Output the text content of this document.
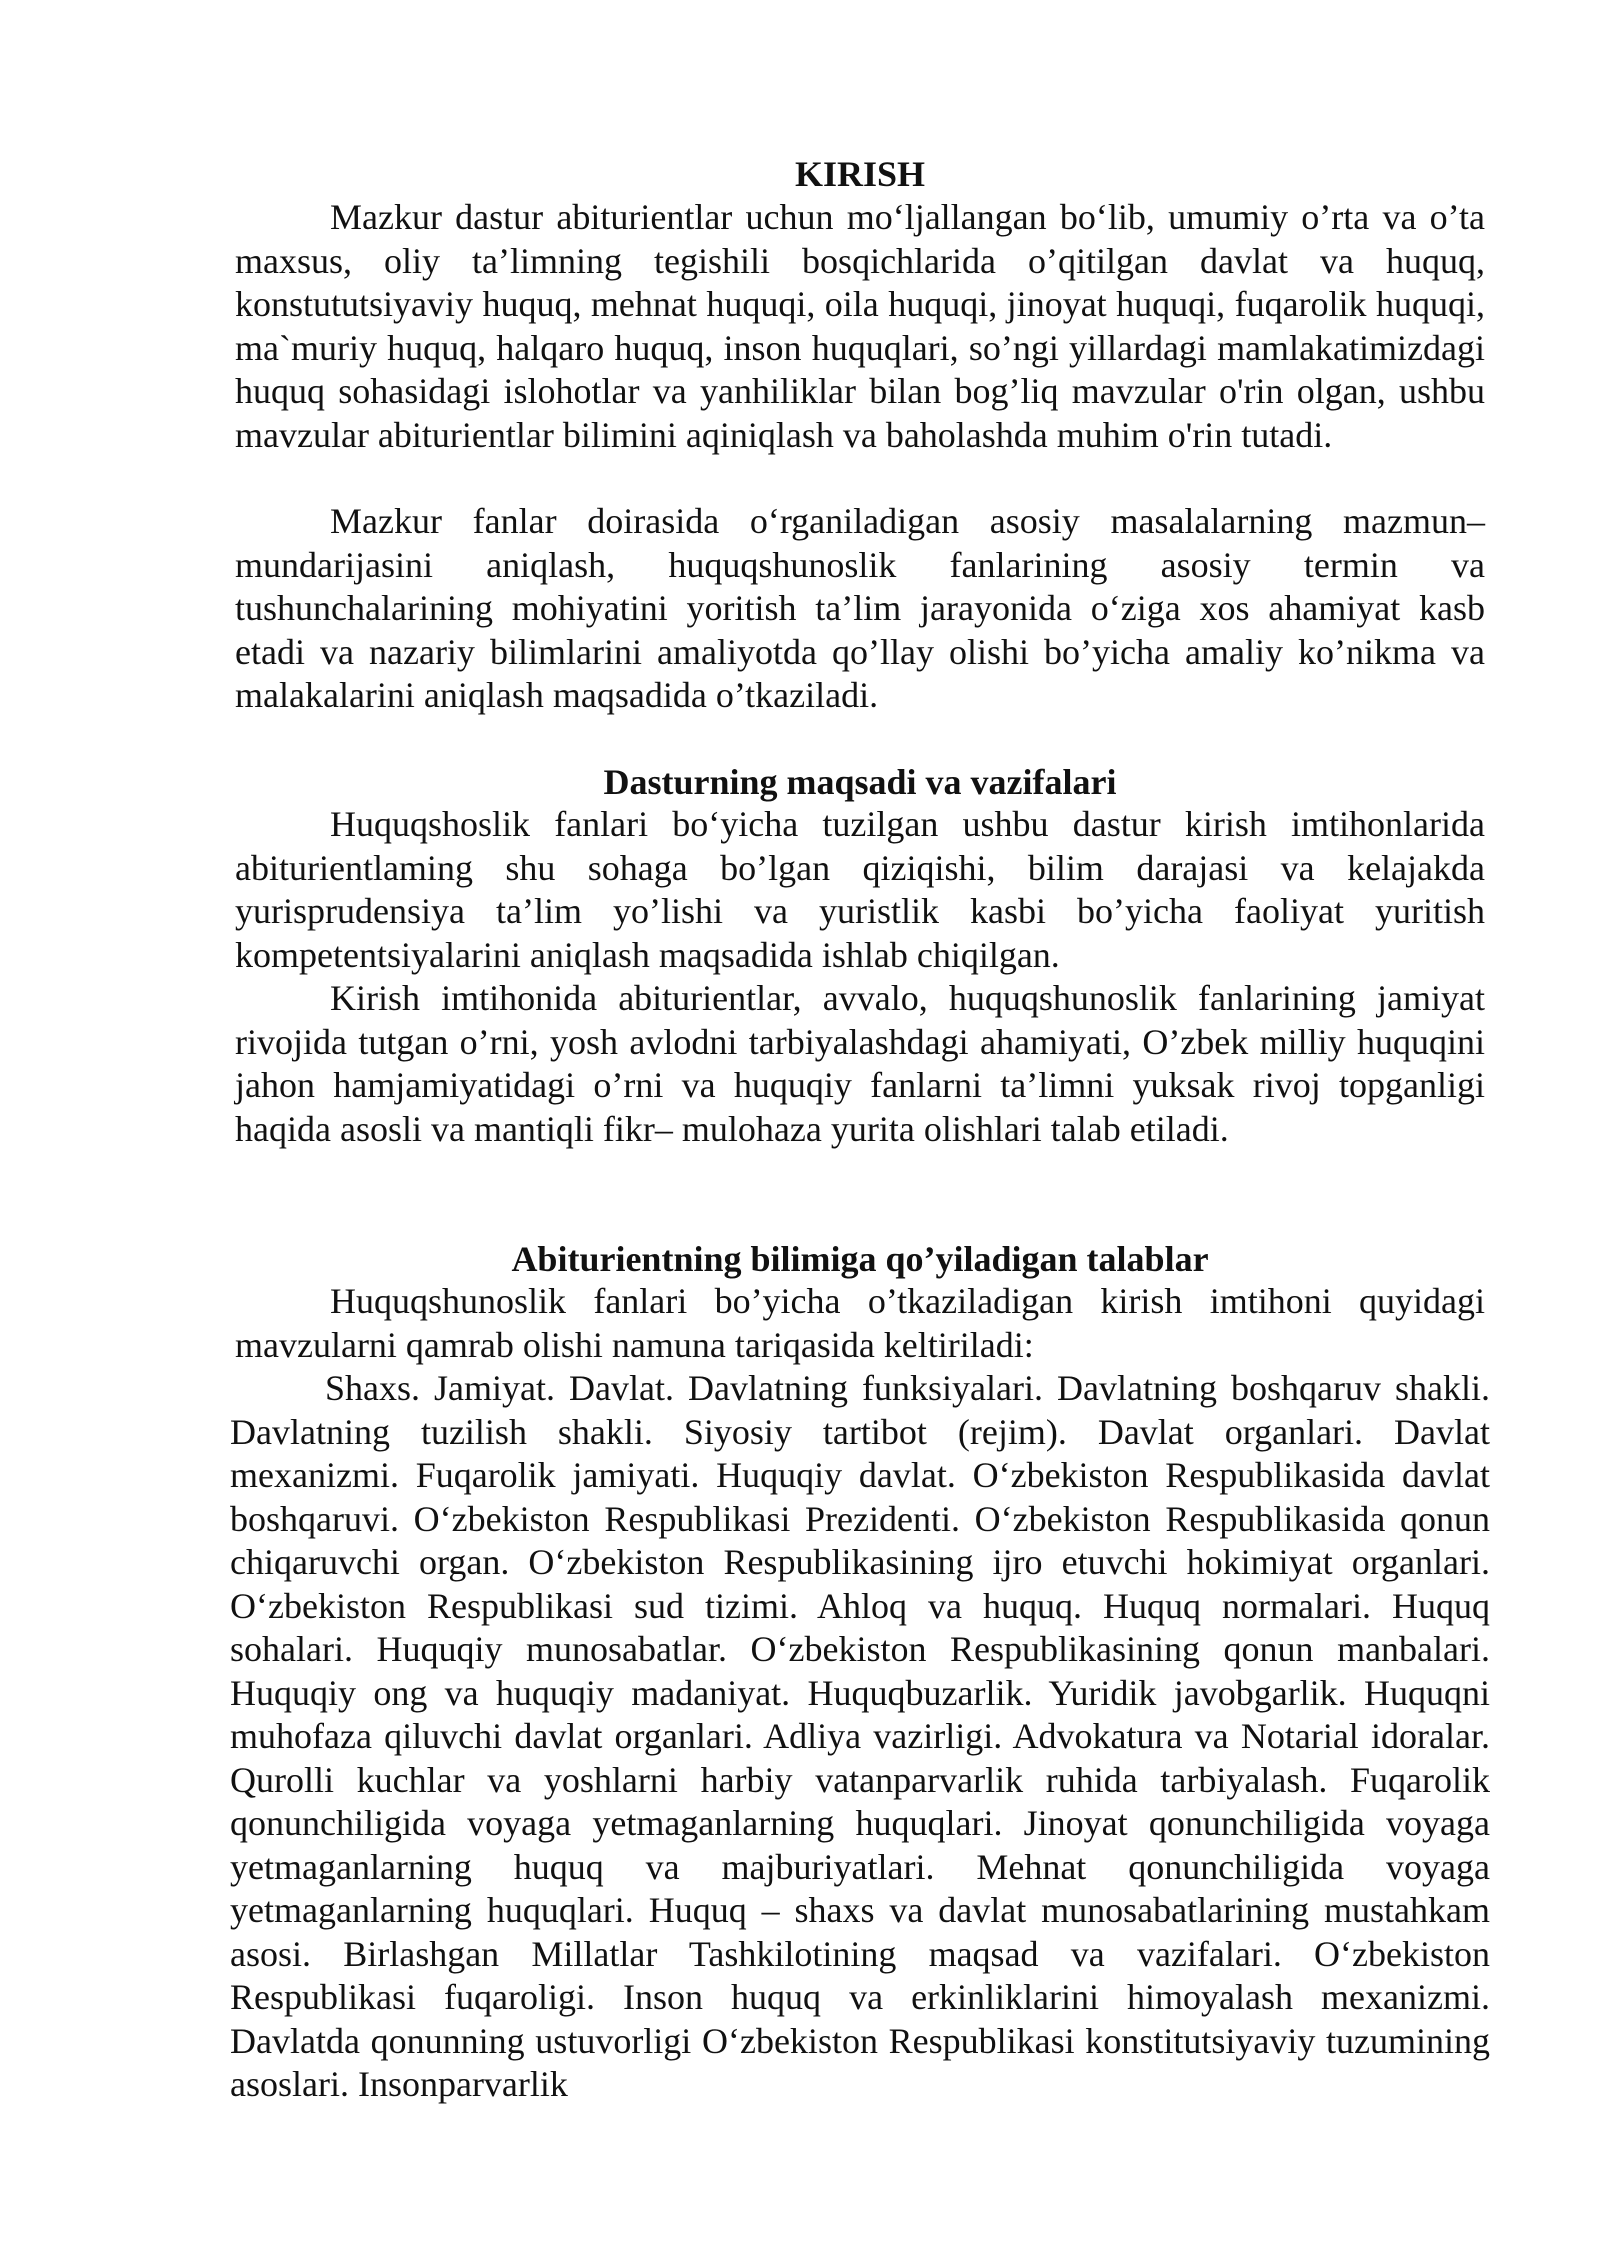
KIRISH

Mazkur dastur abiturientlar uchun mo‘ljallangan bo‘lib, umumiy o’rta va o’ta maxsus, oliy ta’limning tegishili bosqichlarida o’qitilgan davlat va huquq, konstututsiyaviy huquq, mehnat huquqi, oila huquqi, jinoyat huquqi, fuqarolik huquqi, ma`muriy huquq, halqaro huquq, inson huquqlari, so’ngi yillardagi mamlakatimizdagi huquq sohasidagi islohotlar va yanhiliklar bilan bog’liq mavzular o'rin olgan, ushbu mavzular abiturientlar bilimini aqiniqlash va baholashda muhim o'rin tutadi.

Mazkur fanlar doirasida o‘rganiladigan asosiy masalalarning mazmun–mundarijasini aniqlash, huquqshunoslik fanlarining asosiy termin va tushunchalarining mohiyatini yoritish ta’lim jarayonida o‘ziga xos ahamiyat kasb etadi va nazariy bilimlarini amaliyotda qo’llay olishi bo’yicha amaliy ko’nikma va malakalarini aniqlash maqsadida o’tkaziladi.

Dasturning maqsadi va vazifalari

Huquqshoslik fanlari bo‘yicha tuzilgan ushbu dastur kirish imtihonlarida abiturientlaming shu sohaga bo’lgan qiziqishi, bilim darajasi va kelajakda yurisprudensiya ta’lim yo’lishi va yuristlik kasbi bo’yicha faoliyat yuritish kompetentsiyalarini aniqlash maqsadida ishlab chiqilgan.

Kirish imtihonida abiturientlar, avvalo, huquqshunoslik fanlarining jamiyat rivojida tutgan o’rni, yosh avlodni tarbiyalashdagi ahamiyati, O’zbek milliy huquqini jahon hamjamiyatidagi o’rni va huquqiy fanlarni ta’limni yuksak rivoj topganligi haqida asosli va mantiqli fikr– mulohaza yurita olishlari talab etiladi.

Abiturientning bilimiga qo’yiladigan talablar

Huquqshunoslik fanlari bo’yicha o’tkaziladigan kirish imtihoni quyidagi mavzularni qamrab olishi namuna tariqasida keltiriladi:

Shaxs. Jamiyat. Davlat. Davlatning funksiyalari. Davlatning boshqaruv shakli. Davlatning tuzilish shakli. Siyosiy tartibot (rejim). Davlat organlari. Davlat mexanizmi. Fuqarolik jamiyati. Huquqiy davlat. O‘zbekiston Respublikasida davlat boshqaruvi. O‘zbekiston Respublikasi Prezidenti. O‘zbekiston Respublikasida qonun chiqaruvchi organ. O‘zbekiston Respublikasining ijro etuvchi hokimiyat organlari. O‘zbekiston Respublikasi sud tizimi. Ahloq va huquq. Huquq normalari. Huquq sohalari. Huquqiy munosabatlar. O‘zbekiston Respublikasining qonun manbalari. Huquqiy ong va huquqiy madaniyat. Huquqbuzarlik. Yuridik javobgarlik. Huquqni muhofaza qiluvchi davlat organlari. Adliya vazirligi. Advokatura va Notarial idoralar. Qurolli kuchlar va yoshlarni harbiy vatanparvarlik ruhida tarbiyalash. Fuqarolik qonunchiligida voyaga yetmaganlarning huquqlari. Jinoyat qonunchiligida voyaga yetmaganlarning huquq va majburiyatlari. Mehnat qonunchiligida voyaga yetmaganlarning huquqlari. Huquq – shaxs va davlat munosabatlarining mustahkam asosi. Birlashgan Millatlar Tashkilotining maqsad va vazifalari. O‘zbekiston Respublikasi fuqaroligi. Inson huquq va erkinliklarini himoyalash mexanizmi. Davlatda qonunning ustuvorligi O‘zbekiston Respublikasi konstitutsiyaviy tuzumining asoslari. Insonparvarlik
